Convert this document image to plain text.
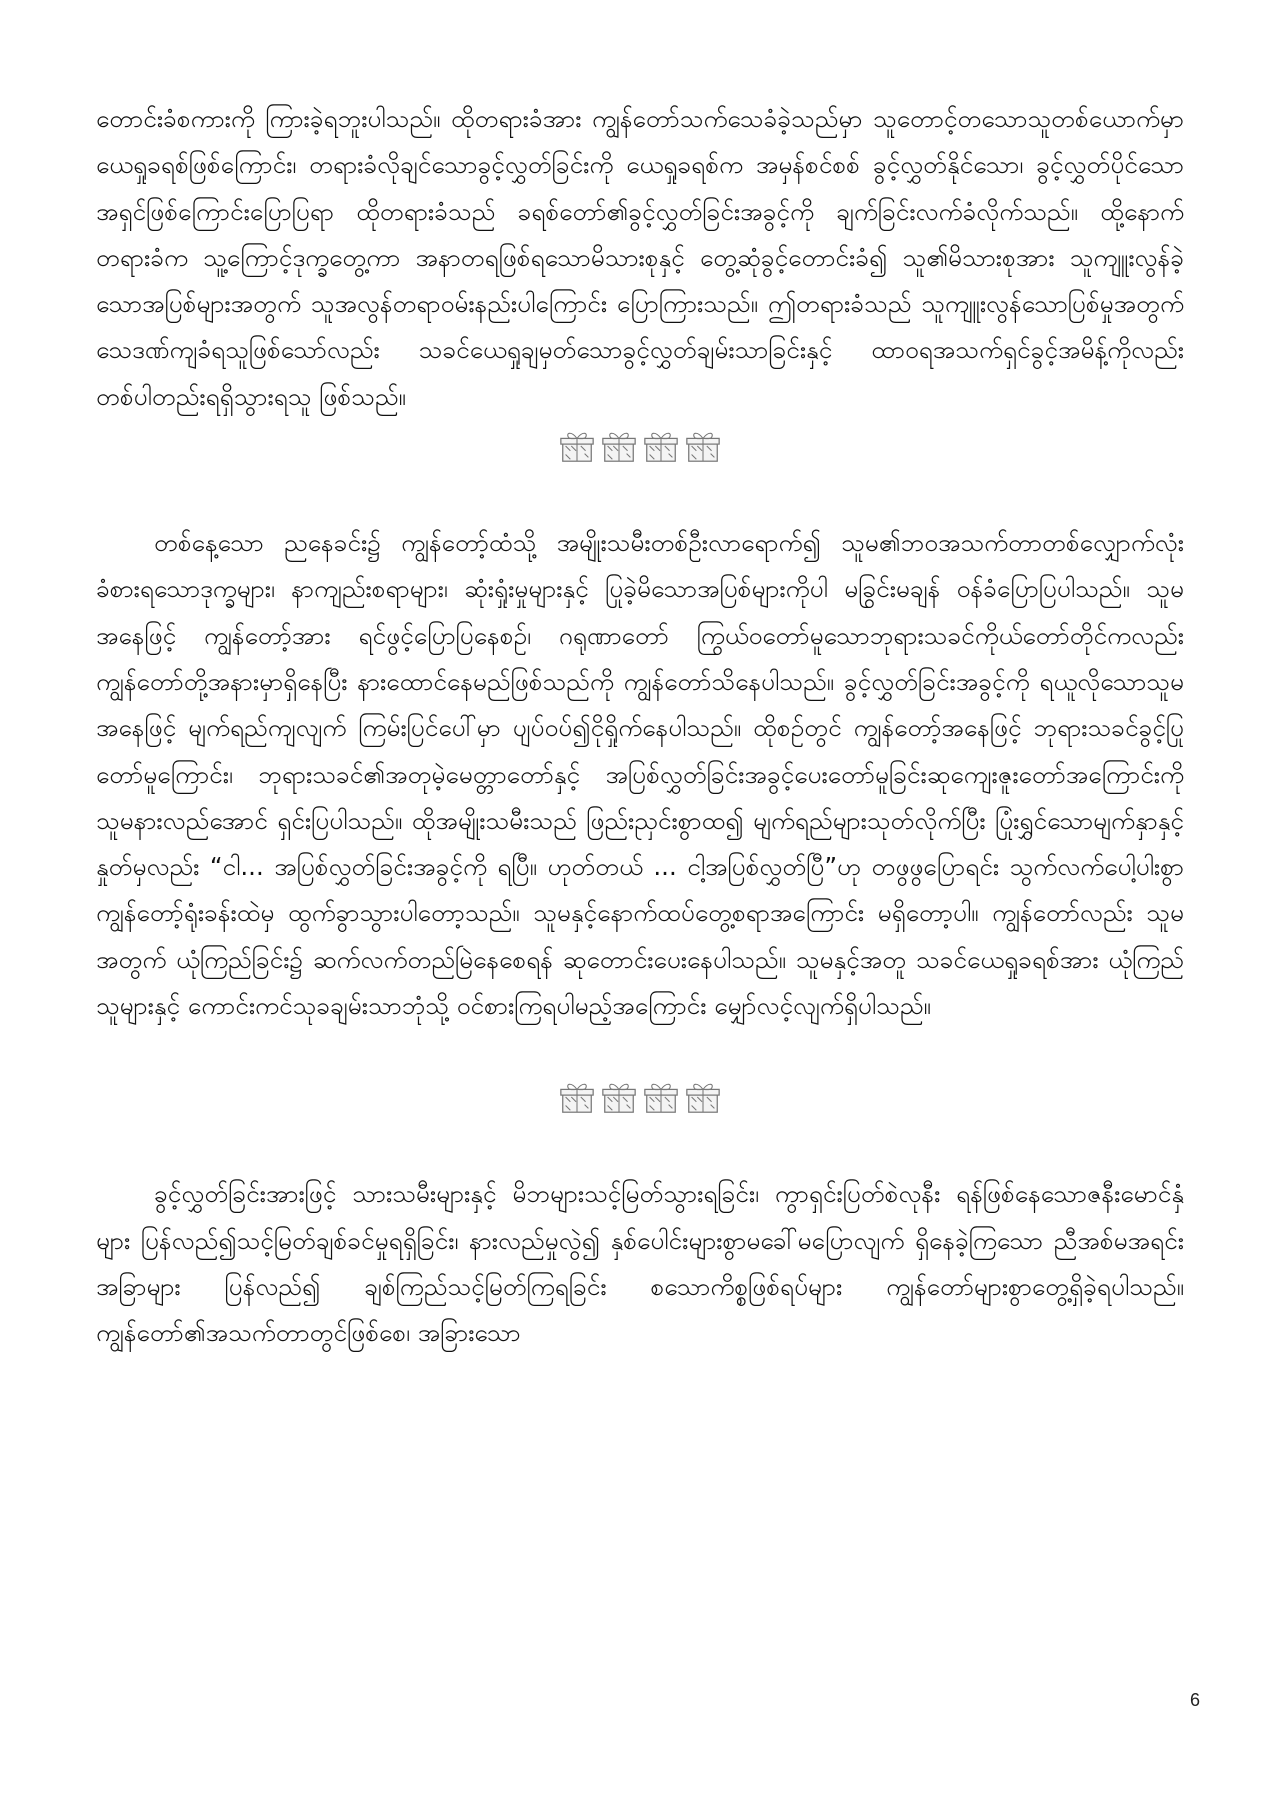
တောင်းခံစကားကို ကြားခဲ့ရဘူးပါသည်။ ထိုတရားခံအား ကျွန်တော်သက်သေခံခဲ့သည်မှာ သူတောင့်တသောသူတစ်ယောက်မှာ ယေရှုခရစ်ဖြစ်ကြောင်း၊ တရားခံလိုချင်သောခွင့်လွှတ်ခြင်းကို ယေရှုခရစ်က အမှန်စင်စစ် ခွင့်လွှတ်နိုင်သော၊ ခွင့်လွှတ်ပိုင်သောအရှင်ဖြစ်ကြောင်းပြောပြရာ ထိုတရားခံသည် ခရစ်တော်၏ခွင့်လွှတ်ခြင်းအခွင့်ကို ချက်ခြင်းလက်ခံလိုက်သည်။ ထို့နောက် တရားခံက သူ့ကြောင့်ဒုက္ခတွေ့ကာ အနာတရဖြစ်ရသောမိသားစုနှင့် တွေ့ဆုံခွင့်တောင်းခံ၍ သူ၏မိသားစုအား သူကျူးလွန်ခဲ့သောအပြစ်များအတွက် သူအလွန်တရာဝမ်းနည်းပါကြောင်း ပြောကြားသည်။ ဤတရားခံသည် သူကျူးလွန်သောပြစ်မှုအတွက် သေဒဏ်ကျခံရသူဖြစ်သော်လည်း သခင်ယေရှုချမှတ်သောခွင့်လွှတ်ချမ်းသာခြင်းနှင့် ထာဝရအသက်ရှင်ခွင့်အမိန့်ကိုလည်း တစ်ပါတည်းရရှိသွားရသူ ဖြစ်သည်။

တစ်နေ့သော ညနေခင်း၌ ကျွန်တော့်ထံသို့ အမျိုးသမီးတစ်ဦးလာရောက်၍ သူမ၏ဘဝအသက်တာတစ်လျှောက်လုံး ခံစားရသောဒုက္ခများ၊ နာကျည်းစရာများ၊ ဆုံးရှုံးမှုများနှင့် ပြုခဲ့မိသောအပြစ်များကိုပါ မခြွင်းမချန် ဝန်ခံပြောပြပါသည်။ သူမအနေဖြင့် ကျွန်တော့်အား ရင်ဖွင့်ပြောပြနေစဉ်၊ ဂရုဏာတော် ကြွယ်ဝတော်မူသောဘုရားသခင်ကိုယ်တော်တိုင်ကလည်း ကျွန်တော်တို့အနားမှာရှိနေပြီး နားထောင်နေမည်ဖြစ်သည်ကို ကျွန်တော်သိနေပါသည်။ ခွင့်လွှတ်ခြင်းအခွင့်ကို ရယူလိုသောသူမအနေဖြင့် မျက်ရည်ကျလျက် ကြမ်းပြင်ပေါ်မှာ ပျပ်ဝပ်၍ငိုရှိုက်နေပါသည်။ ထိုစဉ်တွင် ကျွန်တော့်အနေဖြင့် ဘုရားသခင်ခွင့်ပြုတော်မူကြောင်း၊ ဘုရားသခင်၏အတုမဲ့မေတ္တာတော်နှင့် အပြစ်လွှတ်ခြင်းအခွင့်ပေးတော်မူခြင်းဆုကျေးဇူးတော်အကြောင်းကို သူမနားလည်အောင် ရှင်းပြပါသည်။ ထိုအမျိုးသမီးသည် ဖြည်းညှင်းစွာထ၍ မျက်ရည်များသုတ်လိုက်ပြီး ပြုံးရွှင်သောမျက်နှာနှင့် နှုတ်မှလည်း “ငါ... အပြစ်လွှတ်ခြင်းအခွင့်ကို ရပြီ။ ဟုတ်တယ် ... ငါ့အပြစ်လွှတ်ပြီ”ဟု တဖွဖွပြောရင်း သွက်လက်ပေါ့ပါးစွာ ကျွန်တော့်ရုံးခန်းထဲမှ ထွက်ခွာသွားပါတော့သည်။ သူမနှင့်နောက်ထပ်တွေ့စရာအကြောင်း မရှိတော့ပါ။ ကျွန်တော်လည်း သူမအတွက် ယုံကြည်ခြင်း၌ ဆက်လက်တည်မြဲနေစေရန် ဆုတောင်းပေးနေပါသည်။ သူမနှင့်အတူ သခင်ယေရှုခရစ်အား ယုံကြည်သူများနှင့် ကောင်းကင်သုခချမ်းသာဘုံသို့ ဝင်စားကြရပါမည့်အကြောင်း မျှော်လင့်လျက်ရှိပါသည်။

ခွင့်လွှတ်ခြင်းအားဖြင့် သားသမီးများနှင့် မိဘများသင့်မြတ်သွားရခြင်း၊ ကွာရှင်းပြတ်စဲလုနီး ရန်ဖြစ်နေသောဇနီးမောင်နှံများ ပြန်လည်၍သင့်မြတ်ချစ်ခင်မှုရရှိခြင်း၊ နားလည်မှုလွဲ၍ နှစ်ပေါင်းများစွာမခေါ်မပြောလျက် ရှိနေခဲ့ကြသော ညီအစ်မအရင်းအခြာများ ပြန်လည်၍ ချစ်ကြည်သင့်မြတ်ကြရခြင်း စသောကိစ္စဖြစ်ရပ်များ ကျွန်တော်များစွာတွေ့ရှိခဲ့ရပါသည်။ ကျွန်တော်၏အသက်တာတွင်ဖြစ်စေ၊ အခြားသော

6
